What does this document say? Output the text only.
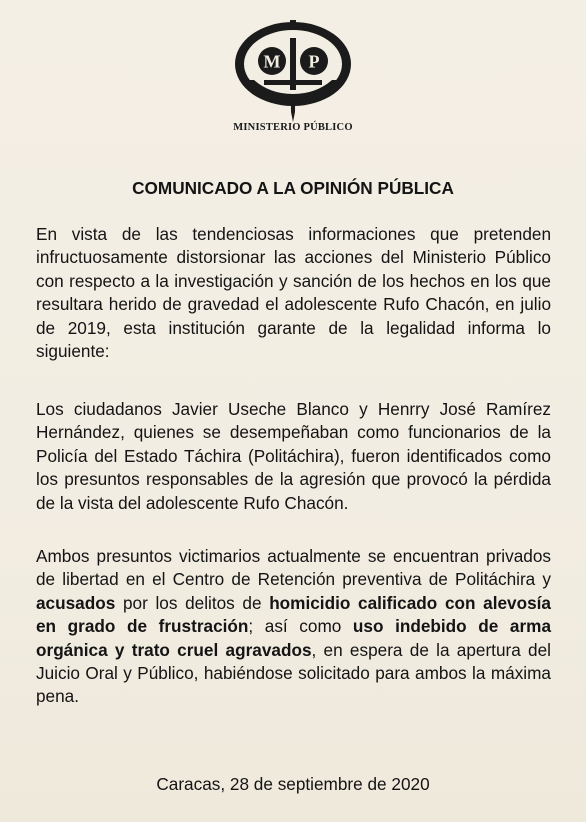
M P
MINISTERIO PÚBLICO
COMUNICADO A LA OPINIÓN PÚBLICA

En vista de las tendenciosas informaciones que pretenden infructuosamente distorsionar las acciones del Ministerio Público con respecto a la investigación y sanción de los hechos en los que resultara herido de gravedad el adolescente Rufo Chacón, en julio de 2019, esta institución garante de la legalidad informa lo siguiente:

Los ciudadanos Javier Useche Blanco y Henrry José Ramírez Hernández, quienes se desempeñaban como funcionarios de la Policía del Estado Táchira (Politáchira), fueron identificados como los presuntos responsables de la agresión que provocó la pérdida de la vista del adolescente Rufo Chacón.

Ambos presuntos victimarios actualmente se encuentran privados de libertad en el Centro de Retención preventiva de Politáchira y acusados por los delitos de homicidio calificado con alevosía en grado de frustración; así como uso indebido de arma orgánica y trato cruel agravados, en espera de la apertura del Juicio Oral y Público, habiéndose solicitado para ambos la máxima pena.

Caracas, 28 de septiembre de 2020
